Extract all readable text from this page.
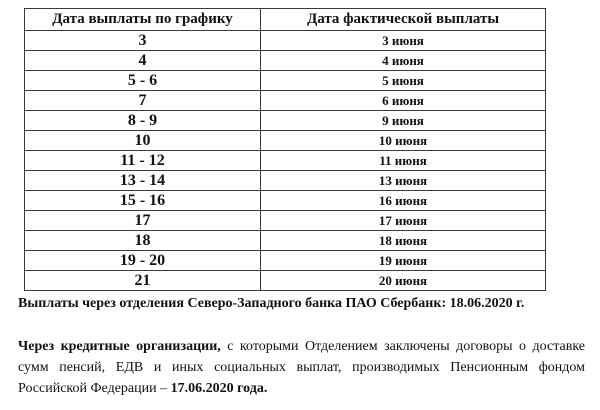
Дата выплаты по графику	Дата фактической выплаты
3	3 июня
4	4 июня
5 - 6	5 июня
7	6 июня
8 - 9	9 июня
10	10 июня
11 - 12	11 июня
13 - 14	13 июня
15 - 16	16 июня
17	17 июня
18	18 июня
19 - 20	19 июня
21	20 июня

Выплаты через отделения Северо-Западного банка ПАО Сбербанк: 18.06.2020 г.

Через кредитные организации, с которыми Отделением заключены договоры о доставке сумм пенсий, ЕДВ и иных социальных выплат, производимых Пенсионным фондом Российской Федерации – 17.06.2020 года.
